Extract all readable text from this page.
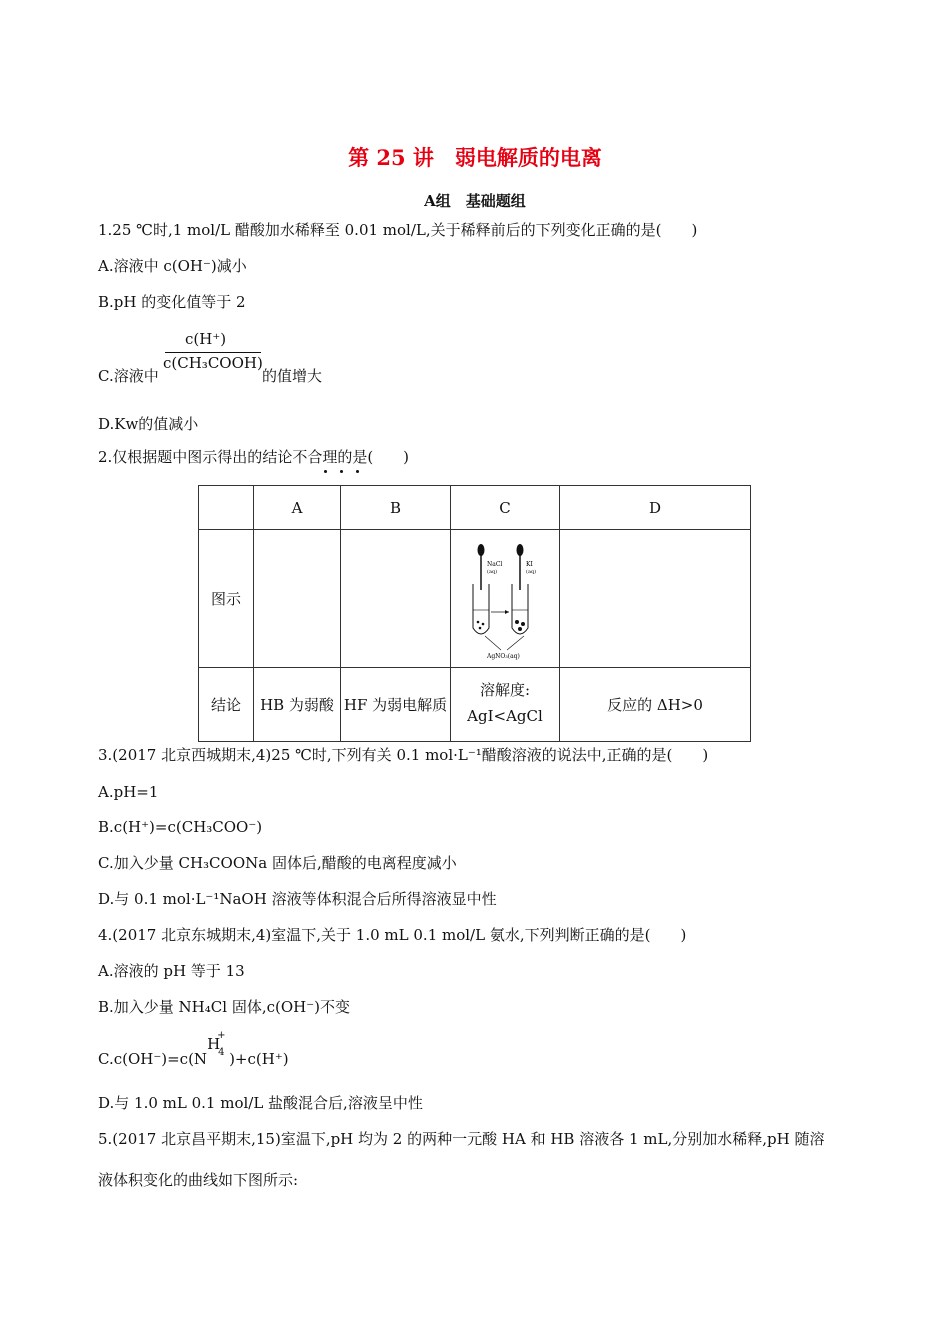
第 25 讲　弱电解质的电离
A组　基础题组
1.25 ℃时,1 mol/L 醋酸加水稀释至 0.01 mol/L,关于稀释前后的下列变化正确的是(　　)
A.溶液中 c(OH⁻)减小
B.pH 的变化值等于 2
c(H⁺)
c(CH₃COOH)
C.溶液中	的值增大
D.Kw的值减小
2.仅根据题中图示得出的结论不合理的是(　　)
	A	B	C	D
图示			NaCl
(aq)
KI
(aq)
AgNO₃(aq)	

结论	HB 为弱酸	HF 为弱电解质	溶解度:
AgI<AgCl	反应的 ΔH>0
3.(2017 北京西城期末,4)25 ℃时,下列有关 0.1 mol·L⁻¹醋酸溶液的说法中,正确的是(　　)
A.pH=1
B.c(H⁺)=c(CH₃COO⁻)
C.加入少量 CH₃COONa 固体后,醋酸的电离程度减小
D.与 0.1 mol·L⁻¹NaOH 溶液等体积混合后所得溶液显中性
4.(2017 北京东城期末,4)室温下,关于 1.0 mL 0.1 mol/L 氨水,下列判断正确的是(　　)
A.溶液的 pH 等于 13
B.加入少量 NH₄Cl 固体,c(OH⁻)不变
C.c(OH⁻)=c(N
H
+
4 )+c(H⁺)
D.与 1.0 mL 0.1 mol/L 盐酸混合后,溶液呈中性
5.(2017 北京昌平期末,15)室温下,pH 均为 2 的两种一元酸 HA 和 HB 溶液各 1 mL,分别加水稀释,pH 随溶
液体积变化的曲线如下图所示:
